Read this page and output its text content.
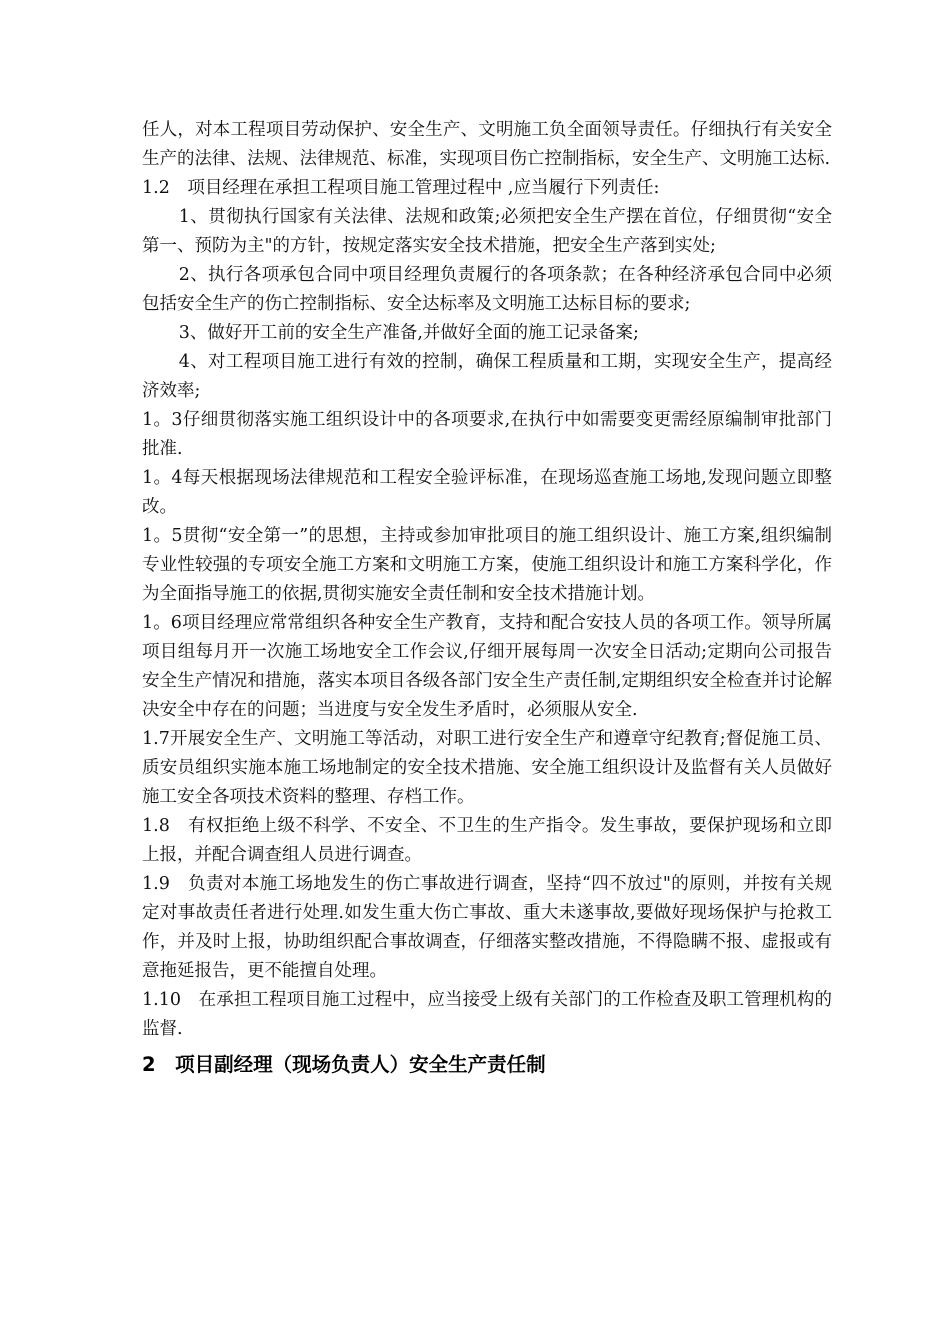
任人，对本工程项目劳动保护、安全生产、文明施工负全面领导责任。仔细执行有关安全生产的法律、法规、法律规范、标准，实现项目伤亡控制指标，安全生产、文明施工达标.

1.2　项目经理在承担工程项目施工管理过程中 ,应当履行下列责任:

1、贯彻执行国家有关法律、法规和政策;必须把安全生产摆在首位，仔细贯彻“安全第一、预防为主"的方针，按规定落实安全技术措施，把安全生产落到实处;

2、执行各项承包合同中项目经理负责履行的各项条款；在各种经济承包合同中必须包括安全生产的伤亡控制指标、安全达标率及文明施工达标目标的要求;

3、做好开工前的安全生产准备,并做好全面的施工记录备案;

4、对工程项目施工进行有效的控制，确保工程质量和工期，实现安全生产，提高经济效率;

1。3仔细贯彻落实施工组织设计中的各项要求,在执行中如需要变更需经原编制审批部门批准.

1。4每天根据现场法律规范和工程安全验评标准，在现场巡查施工场地,发现问题立即整改。

1。5贯彻“安全第一”的思想，主持或参加审批项目的施工组织设计、施工方案,组织编制专业性较强的专项安全施工方案和文明施工方案，使施工组织设计和施工方案科学化，作为全面指导施工的依据,贯彻实施安全责任制和安全技术措施计划。

1。6项目经理应常常组织各种安全生产教育，支持和配合安技人员的各项工作。领导所属项目组每月开一次施工场地安全工作会议,仔细开展每周一次安全日活动;定期向公司报告安全生产情况和措施，落实本项目各级各部门安全生产责任制,定期组织安全检查并讨论解决安全中存在的问题；当进度与安全发生矛盾时，必须服从安全.

1.7开展安全生产、文明施工等活动，对职工进行安全生产和遵章守纪教育;督促施工员、质安员组织实施本施工场地制定的安全技术措施、安全施工组织设计及监督有关人员做好施工安全各项技术资料的整理、存档工作。

1.8　有权拒绝上级不科学、不安全、不卫生的生产指令。发生事故，要保护现场和立即上报，并配合调查组人员进行调查。

1.9　负责对本施工场地发生的伤亡事故进行调查，坚持“四不放过"的原则，并按有关规定对事故责任者进行处理.如发生重大伤亡事故、重大未遂事故,要做好现场保护与抢救工作，并及时上报，协助组织配合事故调查，仔细落实整改措施，不得隐瞒不报、虚报或有意拖延报告，更不能擅自处理。

1.10　在承担工程项目施工过程中，应当接受上级有关部门的工作检查及职工管理机构的监督.

2　项目副经理（现场负责人）安全生产责任制
